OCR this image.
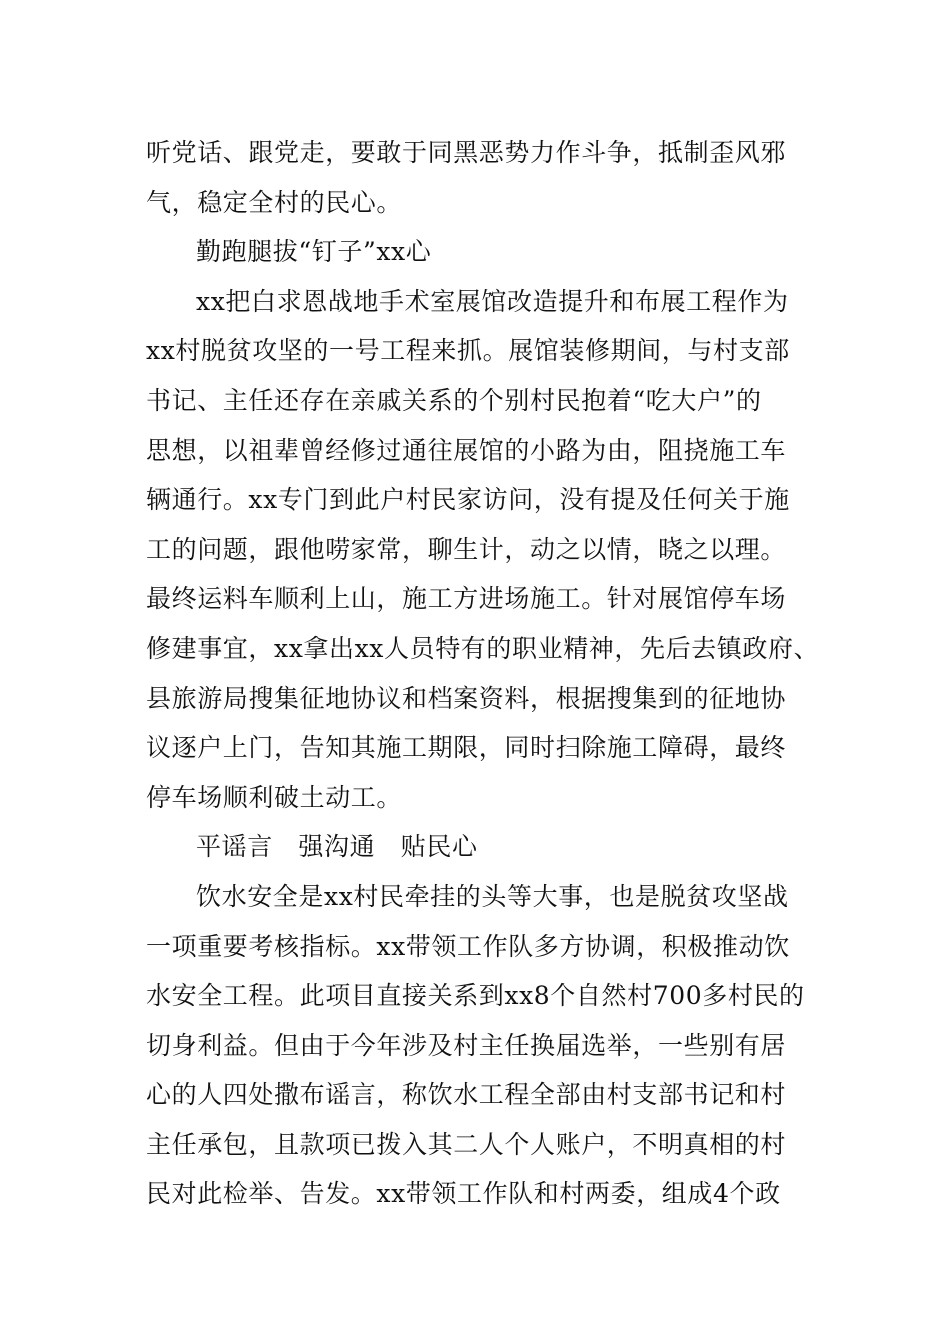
听党话、跟党走，要敢于同黑恶势力作斗争，抵制歪风邪
气，稳定全村的民心。
勤跑腿拔“钉子”xx心
xx把白求恩战地手术室展馆改造提升和布展工程作为
xx村脱贫攻坚的一号工程来抓。展馆装修期间，与村支部
书记、主任还存在亲戚关系的个别村民抱着“吃大户”的
思想，以祖辈曾经修过通往展馆的小路为由，阻挠施工车
辆通行。xx专门到此户村民家访问，没有提及任何关于施
工的问题，跟他唠家常，聊生计，动之以情，晓之以理。
最终运料车顺利上山，施工方进场施工。针对展馆停车场
修建事宜，xx拿出xx人员特有的职业精神，先后去镇政府、
县旅游局搜集征地协议和档案资料，根据搜集到的征地协
议逐户上门，告知其施工期限，同时扫除施工障碍，最终
停车场顺利破土动工。
平谣言　强沟通　贴民心
饮水安全是xx村民牵挂的头等大事，也是脱贫攻坚战
一项重要考核指标。xx带领工作队多方协调，积极推动饮
水安全工程。此项目直接关系到xx8个自然村700多村民的
切身利益。但由于今年涉及村主任换届选举，一些别有居
心的人四处撒布谣言，称饮水工程全部由村支部书记和村
主任承包，且款项已拨入其二人个人账户，不明真相的村
民对此检举、告发。xx带领工作队和村两委，组成4个政
